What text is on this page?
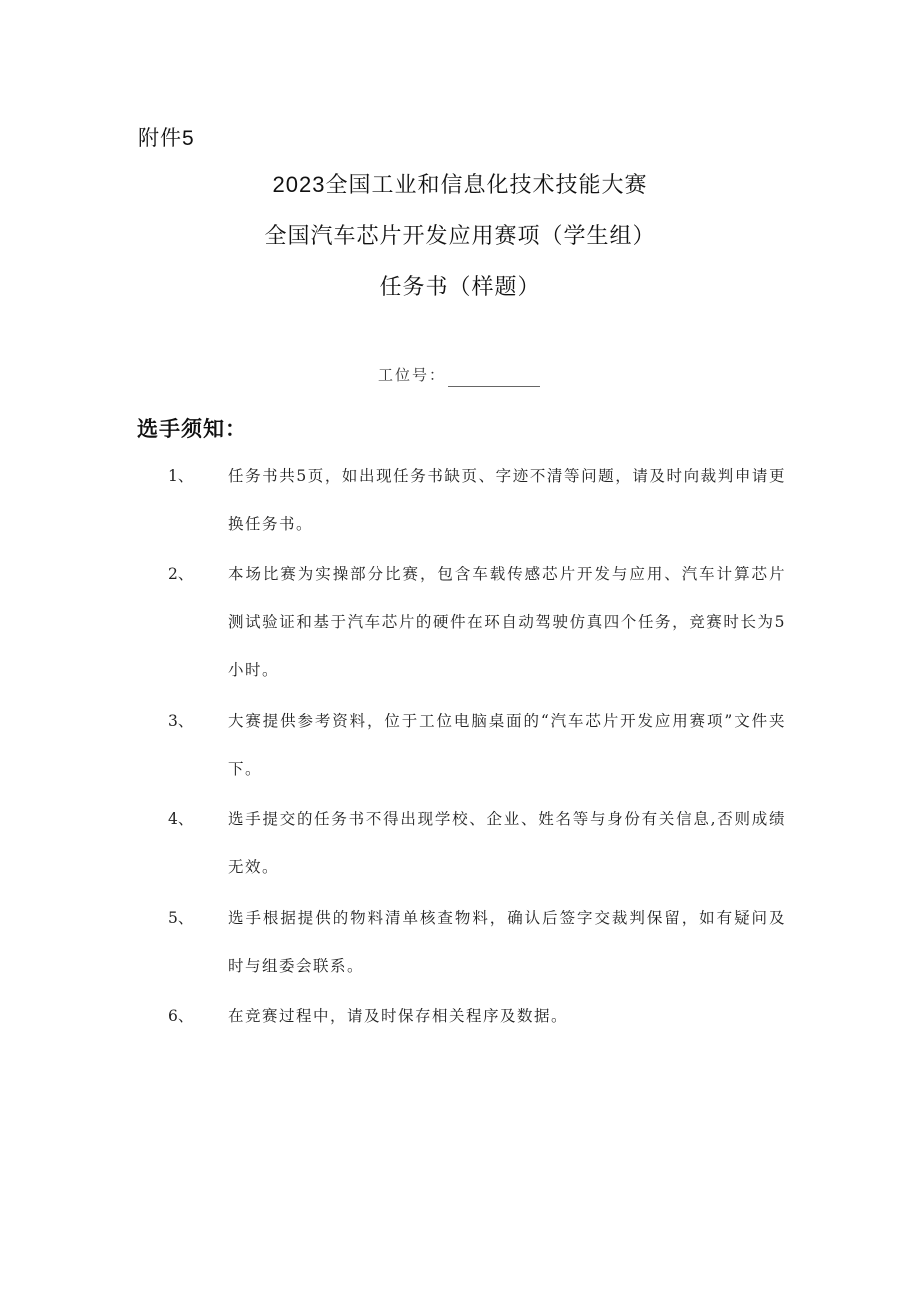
附件5
2023全国工业和信息化技术技能大赛
全国汽车芯片开发应用赛项（学生组）
任务书（样题）
工位号：
选手须知：
1、 任务书共5页，如出现任务书缺页、字迹不清等问题，请及时向裁判申请更换任务书。

2、 本场比赛为实操部分比赛，包含车载传感芯片开发与应用、汽车计算芯片测试验证和基于汽车芯片的硬件在环自动驾驶仿真四个任务，竞赛时长为5小时。

3、 大赛提供参考资料，位于工位电脑桌面的“汽车芯片开发应用赛项”文件夹下。

4、 选手提交的任务书不得出现学校、企业、姓名等与身份有关信息,否则成绩无效。

5、 选手根据提供的物料清单核查物料，确认后签字交裁判保留，如有疑问及时与组委会联系。

6、 在竞赛过程中，请及时保存相关程序及数据。
